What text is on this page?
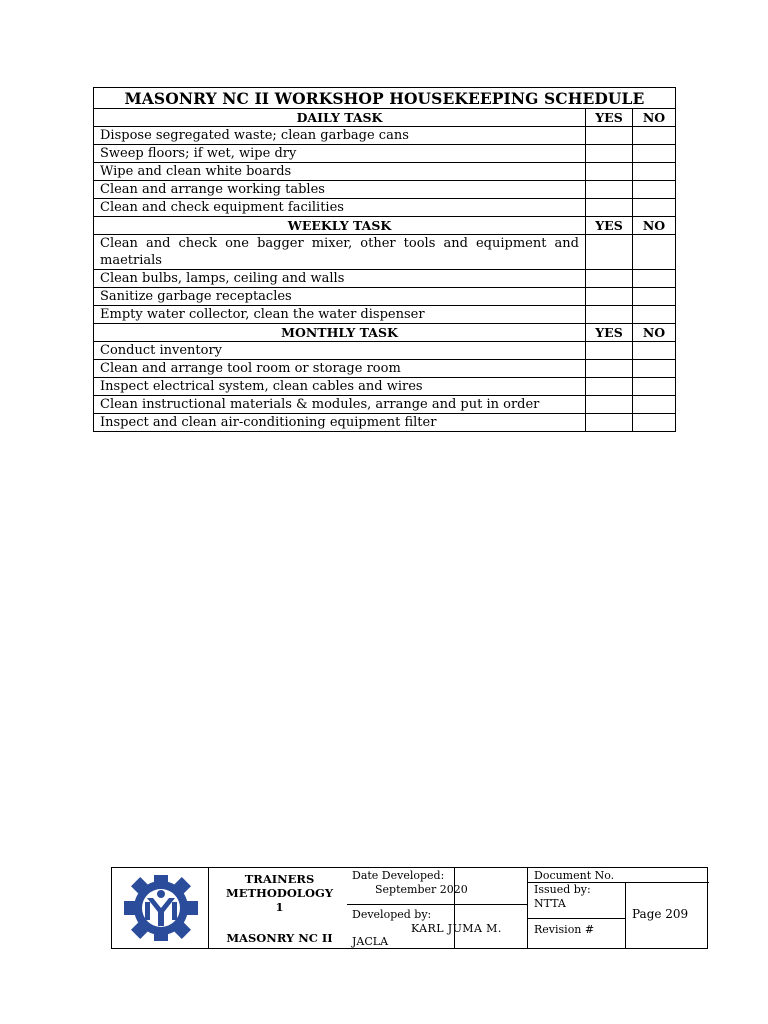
MASONRY NC II WORKSHOP HOUSEKEEPING SCHEDULE		
DAILY TASK	YES	NO
Dispose segregated waste; clean garbage cans		
Sweep floors; if wet, wipe dry		
Wipe and clean white boards		
Clean and arrange working tables		
Clean and check equipment facilities		
WEEKLY TASK	YES	NO
Clean and check one bagger mixer, other tools and equipment and maetrials		
Clean bulbs, lamps, ceiling and walls		
Sanitize garbage receptacles		
Empty water collector, clean the water dispenser		
MONTHLY TASK	YES	NO
Conduct inventory		
Clean and arrange tool room or storage room		
Inspect electrical system, clean cables and wires		
Clean instructional materials & modules, arrange and put in order		
Inspect and clean air-conditioning equipment filter		
TRAINERS
METHODOLOGY
1
MASONRY NC II
Date Developed:
September 2020
Developed by:
KARL JUMA M.
JACLA
Document No.
Issued by:
NTTA
Revision #
Page 209
